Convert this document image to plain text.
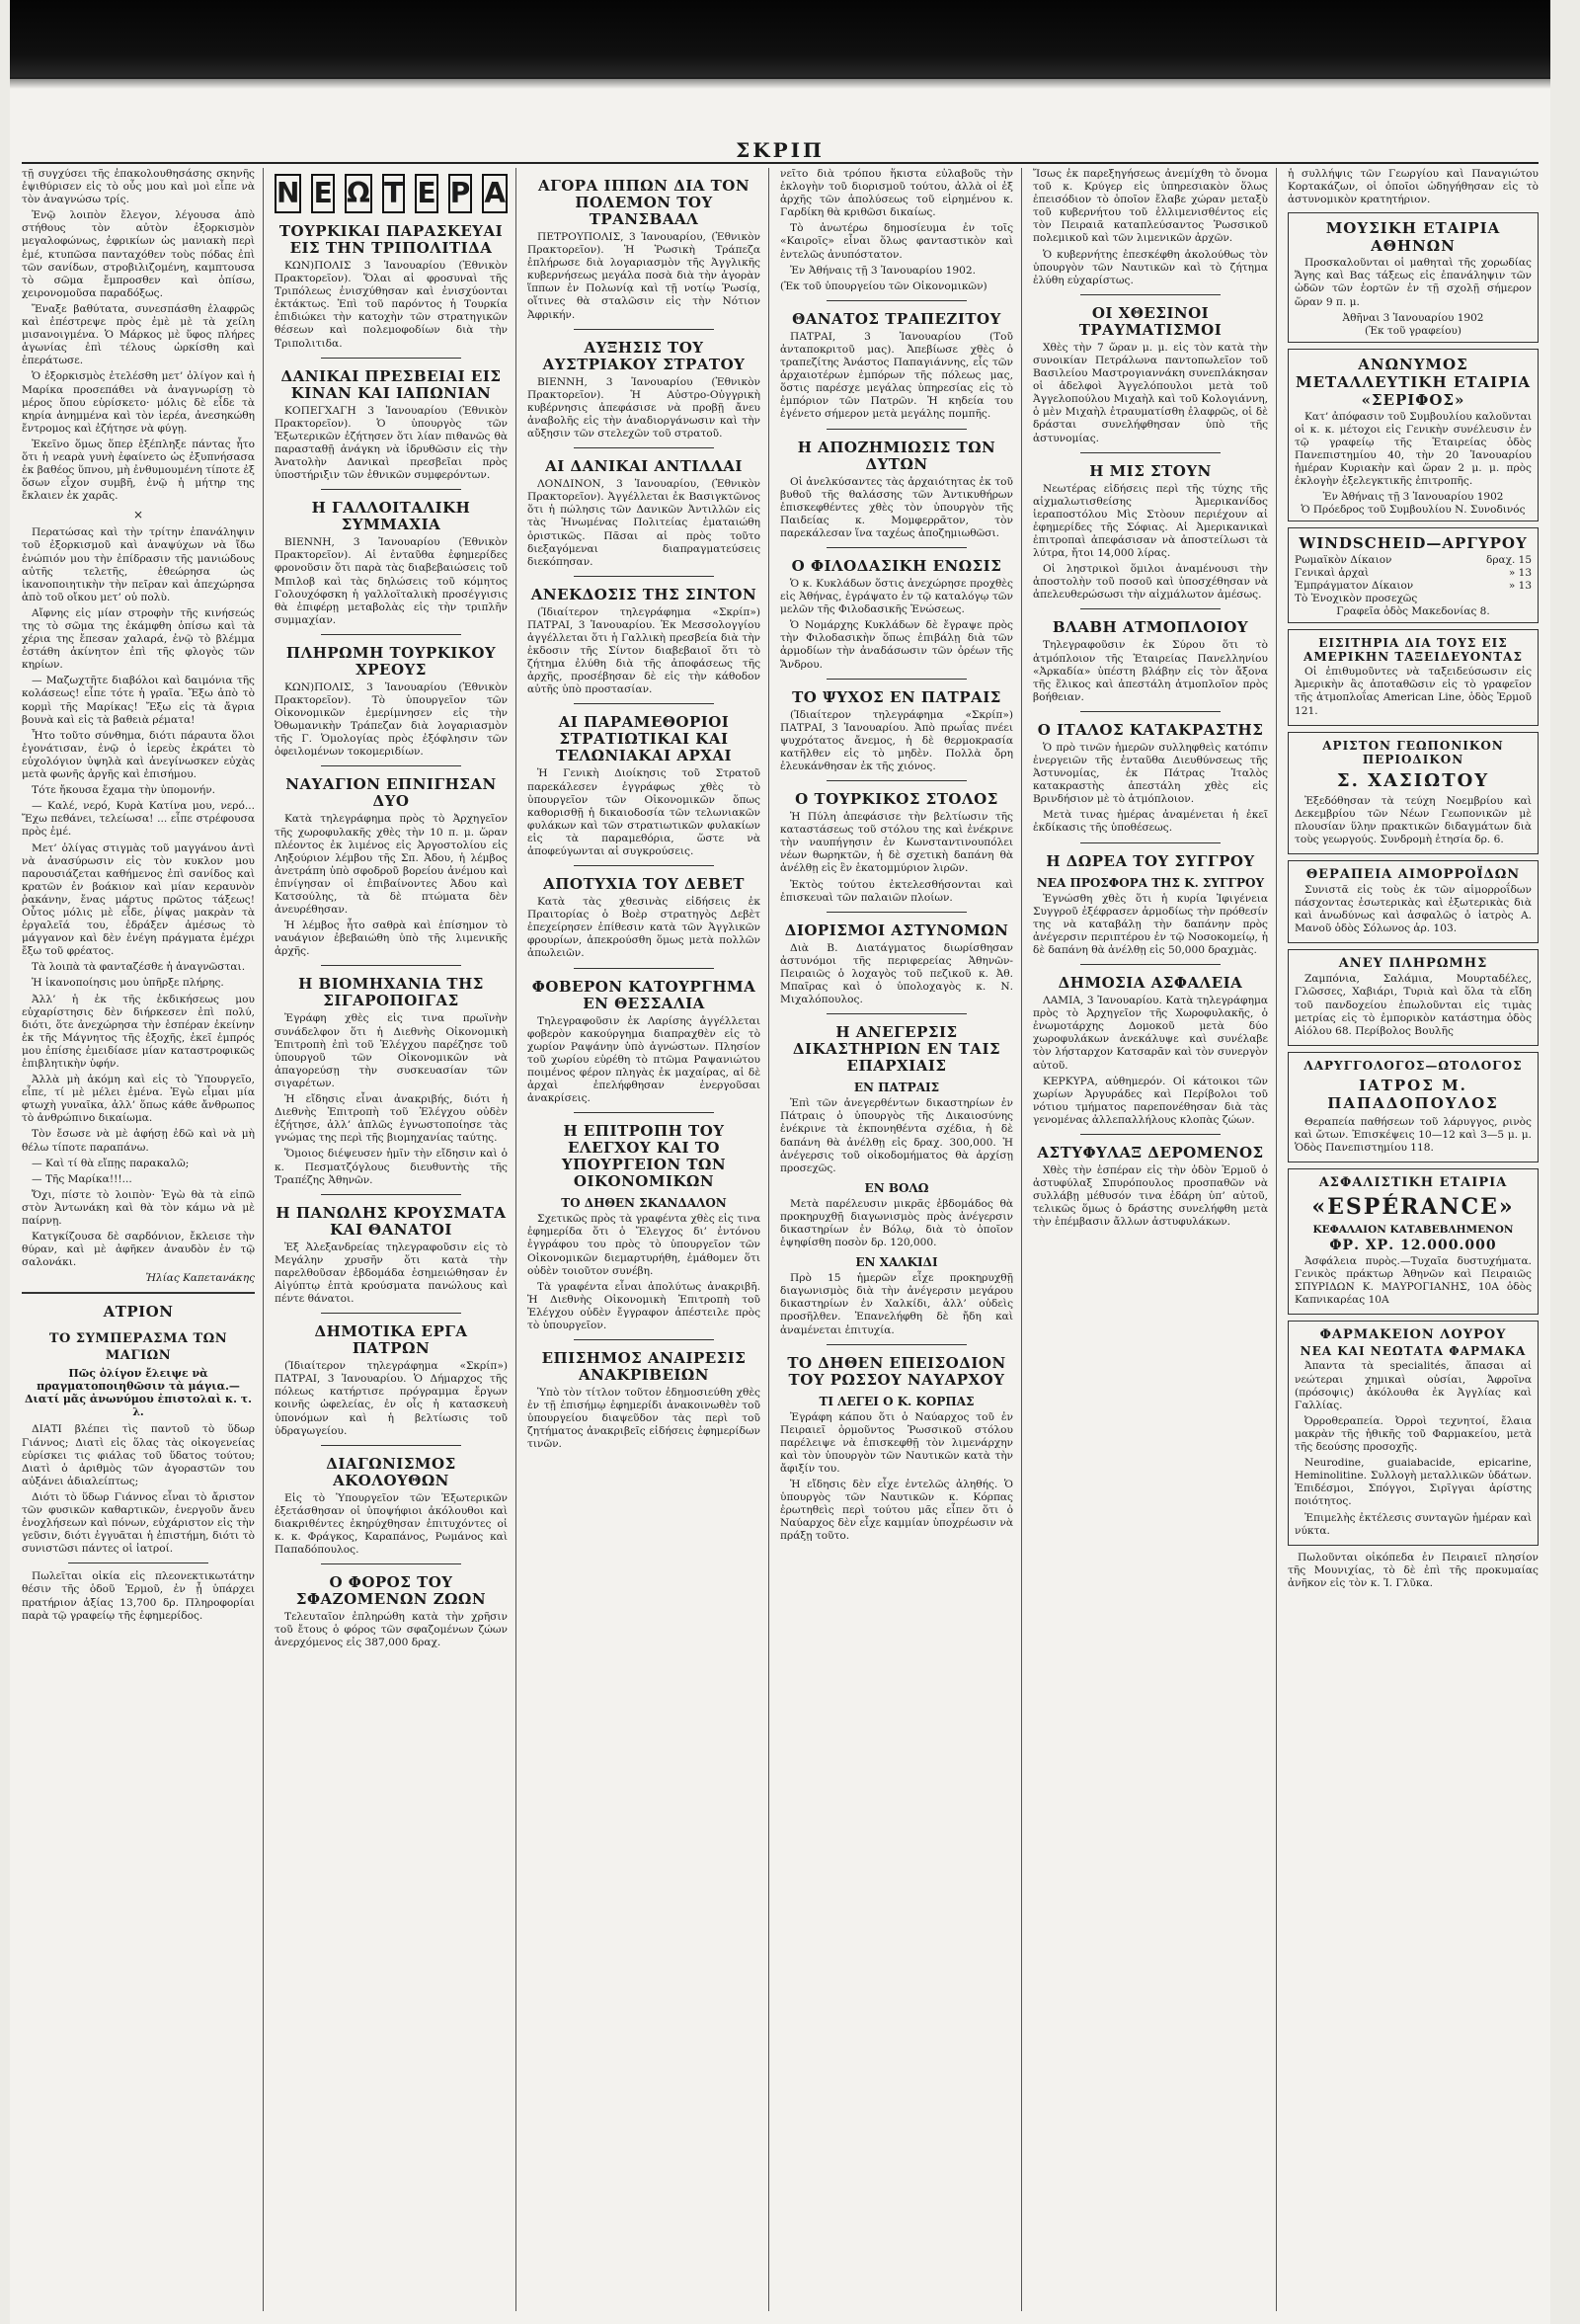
ΣΚΡΙΠ

τῇ συγχύσει τῆς ἐπακολουθησάσης σκηνῆς ἐψιθύρισεν εἰς τὸ οὖς μου καὶ μοὶ εἶπε νὰ τὸν ἀναγνώσω τρίς.

Ἐνῷ λοιπὸν ἔλεγον, λέγουσα ἀπὸ στήθους τὸν αὐτὸν ἐξορκισμὸν μεγαλοφώνως, ἐφρικίων ὡς μανιακὴ περὶ ἐμέ, κτυπῶσα πανταχόθεν τοὺς πόδας ἐπὶ τῶν σανίδων, στροβιλιζομένη, καμπτουσα τὸ σῶμα ἔμπροσθεν καὶ ὀπίσω, χειρονομοῦσα παραδόξως.

Ἔναξε βαθύτατα, συνεσπάσθη ἐλαφρῶς καὶ ἐπέστρεψε πρὸς ἐμὲ μὲ τὰ χείλη μισανοιγμένα. Ὁ Μάρκος μὲ ὕφος πλήρες ἀγωνίας ἐπὶ τέλους ὡρκίσθη καὶ ἐπεράτωσε.

Ὁ ἐξορκισμὸς ἐτελέσθη μετ’ ὀλίγον καὶ ἡ Μαρίκα προσεπάθει νὰ ἀναγνωρίσῃ τὸ μέρος ὅπου εὑρίσκετο· μόλις δὲ εἶδε τὰ κηρία ἀνημμένα καὶ τὸν ἱερέα, ἀνεσηκώθη ἔντρομος καὶ ἐζήτησε νὰ φύγῃ.

Ἐκεῖνο ὅμως ὅπερ ἐξέπληξε πάντας ἦτο ὅτι ἡ νεαρὰ γυνὴ ἐφαίνετο ὡς ἐξυπνήσασα ἐκ βαθέος ὕπνου, μὴ ἐνθυμουμένη τίποτε ἐξ ὅσων εἶχον συμβῆ, ἐνῷ ἡ μήτηρ της ἔκλαιεν ἐκ χαρᾶς.

×

Περατώσας καὶ τὴν τρίτην ἐπανάληψιν τοῦ ἐξορκισμοῦ καὶ ἀναψύχων νὰ ἴδω ἐνώπιόν μου τὴν ἐπίδρασιν τῆς μανιώδους αὐτῆς τελετῆς, ἐθεώρησα ὡς ἱκανοποιητικὴν τὴν πεῖραν καὶ ἀπεχώρησα ἀπὸ τοῦ οἴκου μετ’ οὐ πολὺ.

Αἴφνης εἰς μίαν στροφὴν τῆς κινήσεώς της τὸ σῶμα της ἐκάμφθη ὀπίσω καὶ τὰ χέρια της ἔπεσαν χαλαρά, ἐνῷ τὸ βλέμμα ἐστάθη ἀκίνητον ἐπὶ τῆς φλογὸς τῶν κηρίων.

— Μαζωχτῆτε διαβόλοι καὶ δαιμόνια τῆς κολάσεως! εἶπε τότε ἡ γραῖα. Ἔξω ἀπὸ τὸ κορμὶ τῆς Μαρίκας! Ἔξω εἰς τὰ ἄγρια βουνὰ καὶ εἰς τὰ βαθειὰ ρέματα!

Ἦτο τοῦτο σύνθημα, διότι πάραυτα ὅλοι ἐγονάτισαν, ἐνῷ ὁ ἱερεὺς ἐκράτει τὸ εὐχολόγιον ὑψηλὰ καὶ ἀνεγίνωσκεν εὐχὰς μετὰ φωνῆς ἀργῆς καὶ ἐπισήμου.

Τότε ἤκουσα ἔχαμα τὴν ὑπομονήν.

— Καλέ, νερό, Κυρὰ Κατίνα μου, νερό... Ἔχω πεθάνει, τελείωσα! ... εἶπε στρέφουσα πρὸς ἐμέ.

Μετ’ ὀλίγας στιγμὰς τοῦ μαγγάνου ἀντὶ νὰ ἀνασύρωσιν εἰς τὸν κυκλον μου παρουσιάζεται καθήμενος ἐπὶ σανίδος καὶ κρατῶν ἐν βοάκιον καὶ μίαν κεραυνὸν ῥακάνην, ἔνας μάρτυς πρῶτος τάξεως! Οὗτος μόλις μὲ εἶδε, ῥίψας μακρὰν τὰ ἐργαλεῖά του, ἐδράξεν ἀμέσως τὸ μάγγανον καὶ δὲν ἐνέγη πράγματα ἐμέχρι ἔξω τοῦ φρέατος.

Τὰ λοιπὰ τὰ φανταζέσθε ἡ ἀναγνῶσται.

Ἡ ἱκανοποίησις μου ὑπῆρξε πλήρης.

Ἀλλ’ ἡ ἐκ τῆς ἐκδικήσεως μου εὐχαρίστησις δὲν διήρκεσεν ἐπὶ πολύ, διότι, ὅτε ἀνεχώρησα τὴν ἑσπέραν ἐκείνην ἐκ τῆς Μάγνητος τῆς ἐξοχῆς, ἐκεῖ ἐμπρός μου ἐπίσης ἐμειδίασε μίαν καταστροφικῶς ἐπιβλητικὴν ὑφήν.

Ἀλλὰ μὴ ἀκόμη καὶ εἰς τὸ Ὑπουργεῖο, εἶπε, τί μὲ μέλει ἐμένα. Ἐγὼ εἶμαι μία φτωχὴ γυναῖκα, ἀλλ’ ὅπως κάθε ἄνθρωπος τὸ ἀνθρώπινο δικαίωμα.

Τὸν ἔσωσε νὰ μὲ ἀφήσῃ ἐδῶ καὶ νὰ μὴ θέλω τίποτε παραπάνω.

— Καὶ τί θὰ εἴπῃς παρακαλῶ;

— Τῆς Μαρίκα!!!...

Ὄχι, πίστε τὸ λοιπὸν· Ἐγὼ θὰ τὰ εἰπῶ στὸν Ἀντωνάκη καὶ θὰ τὸν κάμω νὰ μὲ παίρνῃ.

Κατγκίζουσα δὲ σαρδόνιον, ἔκλεισε τὴν θύραν, καὶ μὲ ἀφῆκεν ἀναυδὸν ἐν τῷ σαλονάκι.

Ἠλίας Καπετανάκης
ΑΤΡΙΟΝ
ΤΟ ΣΥΜΠΕΡΑΣΜΑ ΤΩΝ ΜΑΓΙΩΝ
Πῶς ὀλίγον ἔλειψε νὰ πραγματοποιηθῶσιν τὰ μάγια.—Διατί μᾶς ἀνωνύμου ἐπιστολαὶ κ. τ. λ.

ΔΙΑΤΙ βλέπει τὶς παντοῦ τὸ ὕδωρ Γιάννος; Διατὶ εἰς ὅλας τὰς οἰκογενείας εὑρίσκει τις φιάλας τοῦ ὕδατος τούτου; Διατὶ ὁ ἀριθμὸς τῶν ἀγοραστῶν του αὐξάνει ἀδιαλείπτως;

Διότι τὸ ὕδωρ Γιάννος εἶναι τὸ ἄριστον τῶν φυσικῶν καθαρτικῶν, ἐνεργοῦν ἄνευ ἐνοχλήσεων καὶ πόνων, εὐχάριστον εἰς τὴν γεῦσιν, διότι ἐγγυᾶται ἡ ἐπιστήμη, διότι τὸ συνιστῶσι πάντες οἱ ἰατροί.

Πωλεῖται οἰκία εἰς πλεονεκτικωτάτην θέσιν τῆς ὁδοῦ Ἑρμοῦ, ἐν ᾗ ὑπάρχει πρατήριον ἀξίας 13,700 δρ. Πληροφορίαι παρὰ τῷ γραφείῳ τῆς ἐφημερίδος.

Ν Ε Ω Τ Ε Ρ Α
ΤΟΥΡΚΙΚΑΙ ΠΑΡΑΣΚΕΥΑΙ ΕΙΣ ΤΗΝ ΤΡΙΠΟΛΙΤΙΔΑ

ΚΩΝ)ΠΟΛΙΣ 3 Ἰανουαρίου (Ἐθνικὸν Πρακτορεῖον). Ὅλαι αἱ φροσυναὶ τῆς Τριπόλεως ἐνισχύθησαν καὶ ἐνισχύονται ἐκτάκτως. Ἐπὶ τοῦ παρόντος ἡ Τουρκία ἐπιδιώκει τὴν κατοχὴν τῶν στρατηγικῶν θέσεων καὶ πολεμοφοδίων διὰ τὴν Τριπολιτιδα.

ΔΑΝΙΚΑΙ ΠΡΕΣΒΕΙΑΙ ΕΙΣ ΚΙΝΑΝ ΚΑΙ ΙΑΠΩΝΙΑΝ

ΚΟΠΕΓΧΑΓΗ 3 Ἰανουαρίου (Ἐθνικὸν Πρακτορεῖον). Ὁ ὑπουργὸς τῶν Ἐξωτερικῶν ἐζήτησεν ὅτι λίαν πιθανῶς θὰ παρασταθῇ ἀνάγκη νὰ ἱδρυθῶσιν εἰς τὴν Ἀνατολὴν Δανικαὶ πρεσβεῖαι πρὸς ὑποστήριξιν τῶν ἐθνικῶν συμφερόντων.

Η ΓΑΛΛΟΙΤΑΛΙΚΗ ΣΥΜΜΑΧΙΑ

ΒΙΕΝΝΗ, 3 Ἰανουαρίου (Ἐθνικὸν Πρακτορεῖον). Αἱ ἐνταῦθα ἐφημερίδες φρονοῦσιν ὅτι παρὰ τὰς διαβεβαιώσεις τοῦ Μπιλοβ καὶ τὰς δηλώσεις τοῦ κόμητος Γολουχόφσκη ἡ γαλλοϊταλικὴ προσέγγισις θὰ ἐπιφέρῃ μεταβολὰς εἰς τὴν τριπλῆν συμμαχίαν.

ΠΛΗΡΩΜΗ ΤΟΥΡΚΙΚΟΥ ΧΡΕΟΥΣ

ΚΩΝ)ΠΟΛΙΣ, 3 Ἰανουαρίου (Ἐθνικὸν Πρακτορεῖον). Τὸ ὑπουργεῖον τῶν Οἰκονομικῶν ἐμερίμνησεν εἰς τὴν Ὀθωμανικὴν Τράπεζαν διὰ λογαριασμὸν τῆς Γ. Ὁμολογίας πρὸς ἐξόφλησιν τῶν ὀφειλομένων τοκομεριδίων.

ΝΑΥΑΓΙΟΝ ΕΠΝΙΓΗΣΑΝ ΔΥΟ

Κατὰ τηλεγράφημα πρὸς τὸ Ἀρχηγεῖον τῆς χωροφυλακῆς χθὲς τὴν 10 π. μ. ὥραν πλέοντος ἐκ λιμένος εἰς Ἀργοστολίου εἰς Ληξούριον λέμβου τῆς Σπ. Ἀδου, ἡ λέμβος ἀνετράπη ὑπὸ σφοδροῦ βορείου ἀνέμου καὶ ἐπνίγησαν οἱ ἐπιβαίνοντες Ἀδου καὶ Κατσούλης, τὰ δὲ πτώματα δὲν ἀνευρέθησαν.

Ἡ λέμβος ἦτο σαθρὰ καὶ ἐπίσημον τὸ ναυάγιον ἐβεβαιώθη ὑπὸ τῆς λιμενικῆς ἀρχῆς.

Η ΒΙΟΜΗΧΑΝΙΑ ΤΗΣ ΣΙΓΑΡΟΠΟΙΓΑΣ

Ἐγράφη χθὲς εἰς τινα πρωϊνὴν συνάδελφον ὅτι ἡ Διεθνὴς Οἰκονομικὴ Ἐπιτροπὴ ἐπὶ τοῦ Ἐλέγχου παρέζησε τοῦ ὑπουργοῦ τῶν Οἰκονομικῶν νὰ ἀπαγορεύσῃ τὴν συσκευασίαν τῶν σιγαρέτων.

Ἡ εἴδησις εἶναι ἀνακριβής, διότι ἡ Διεθνὴς Ἐπιτροπὴ τοῦ Ἐλέγχου οὐδὲν ἐζήτησε, ἀλλ’ ἀπλῶς ἐγνωστοποίησε τὰς γνώμας της περὶ τῆς βιομηχανίας ταύτης.

Ὅμοιος διέψευσεν ἡμῖν τὴν εἴδησιν καὶ ὁ κ. Πεσματζόγλους διευθυντὴς τῆς Τραπέζης Ἀθηνῶν.

Η ΠΑΝΩΛΗΣ ΚΡΟΥΣΜΑΤΑ ΚΑΙ ΘΑΝΑΤΟΙ

Ἐξ Ἀλεξανδρείας τηλεγραφοῦσιν εἰς τὸ Μεγάλην χρυσῆν ὅτι κατὰ τὴν παρελθοῦσαν ἑβδομάδα ἐσημειώθησαν ἐν Αἰγύπτῳ ἑπτὰ κρούσματα πανώλους καὶ πέντε θάνατοι.

ΔΗΜΟΤΙΚΑ ΕΡΓΑ ΠΑΤΡΩΝ

(Ἰδιαίτερον τηλεγράφημα «Σκρίπ») ΠΑΤΡΑΙ, 3 Ἰανουαρίου. Ὁ Δήμαρχος τῆς πόλεως κατήρτισε πρόγραμμα ἔργων κοινῆς ὠφελείας, ἐν οἷς ἡ κατασκευὴ ὑπονόμων καὶ ἡ βελτίωσις τοῦ ὑδραγωγείου.

ΔΙΑΓΩΝΙΣΜΟΣ ΑΚΟΛΟΥΘΩΝ

Εἰς τὸ Ὑπουργεῖον τῶν Ἐξωτερικῶν ἐξετάσθησαν οἱ ὑποψήφιοι ἀκόλουθοι καὶ διακριθέντες ἐκηρύχθησαν ἐπιτυχόντες οἱ κ. κ. Φράγκος, Καραπάνος, Ρωμάνος καὶ Παπαδόπουλος.

Ο ΦΟΡΟΣ ΤΟΥ ΣΦΑΖΟΜΕΝΩΝ ΖΩΩΝ

Τελευταῖον ἐπληρώθη κατὰ τὴν χρῆσιν τοῦ ἔτους ὁ φόρος τῶν σφαζομένων ζώων ἀνερχόμενος εἰς 387,000 δραχ.

ΑΓΟΡΑ ΙΠΠΩΝ ΔΙΑ ΤΟΝ ΠΟΛΕΜΟΝ ΤΟΥ ΤΡΑΝΣΒΑΑΛ

ΠΕΤΡΟΥΠΟΛΙΣ, 3 Ἰανουαρίου, (Ἐθνικὸν Πρακτορεῖον). Ἡ Ῥωσικὴ Τράπεζα ἐπλήρωσε διὰ λογαριασμὸν τῆς Ἀγγλικῆς κυβερνήσεως μεγάλα ποσὰ διὰ τὴν ἀγορὰν ἵππων ἐν Πολωνίᾳ καὶ τῇ νοτίῳ Ῥωσίᾳ, οἵτινες θὰ σταλῶσιν εἰς τὴν Νότιον Ἀφρικήν.

ΑΥΞΗΣΙΣ ΤΟΥ ΑΥΣΤΡΙΑΚΟΥ ΣΤΡΑΤΟΥ

ΒΙΕΝΝΗ, 3 Ἰανουαρίου (Ἐθνικὸν Πρακτορεῖον). Ἡ Αὐστρο-Οὐγγρικὴ κυβέρνησις ἀπεφάσισε νὰ προβῇ ἄνευ ἀναβολῆς εἰς τὴν ἀναδιοργάνωσιν καὶ τὴν αὔξησιν τῶν στελεχῶν τοῦ στρατοῦ.

ΑΙ ΔΑΝΙΚΑΙ ΑΝΤΙΛΛΑΙ

ΛΟΝΔΙΝΟΝ, 3 Ἰανουαρίου, (Ἐθνικὸν Πρακτορεῖον). Ἀγγέλλεται ἐκ Βασιγκτῶνος ὅτι ἡ πώλησις τῶν Δανικῶν Ἀντιλλῶν εἰς τὰς Ἡνωμένας Πολιτείας ἐματαιώθη ὁριστικῶς. Πᾶσαι αἱ πρὸς τοῦτο διεξαγόμεναι διαπραγματεύσεις διεκόπησαν.

ΑΝΕΚΔΟΣΙΣ ΤΗΣ ΣΙΝΤΟΝ

(Ἰδιαίτερον τηλεγράφημα «Σκρίπ») ΠΑΤΡΑΙ, 3 Ἰανουαρίου. Ἐκ Μεσσολογγίου ἀγγέλλεται ὅτι ἡ Γαλλικὴ πρεσβεία διὰ τὴν ἐκδοσιν τῆς Σίντον διαβεβαιοῖ ὅτι τὸ ζήτημα ἐλύθη διὰ τῆς ἀποφάσεως τῆς ἀρχῆς, προσέβησαν δὲ εἰς τὴν κάθοδον αὐτῆς ὑπὸ προστασίαν.

ΑΙ ΠΑΡΑΜΕΘΟΡΙΟΙ ΣΤΡΑΤΙΩΤΙΚΑΙ ΚΑΙ ΤΕΛΩΝΙΑΚΑΙ ΑΡΧΑΙ

Ἡ Γενικὴ Διοίκησις τοῦ Στρατοῦ παρεκάλεσεν ἐγγράφως χθὲς τὸ ὑπουργεῖον τῶν Οἰκονομικῶν ὅπως καθορισθῇ ἡ δικαιοδοσία τῶν τελωνιακῶν φυλάκων καὶ τῶν στρατιωτικῶν φυλακίων εἰς τὰ παραμεθόρια, ὥστε νὰ ἀποφεύγωνται αἱ συγκρούσεις.

ΑΠΟΤΥΧΙΑ ΤΟΥ ΔΕΒΕΤ

Κατὰ τὰς χθεσινὰς εἰδήσεις ἐκ Πραιτορίας ὁ Βοὲρ στρατηγὸς Δεβὲτ ἐπεχείρησεν ἐπίθεσιν κατὰ τῶν Ἀγγλικῶν φρουρίων, ἀπεκρούσθη ὅμως μετὰ πολλῶν ἀπωλειῶν.

ΦΟΒΕΡΟΝ ΚΑΤΟΥΡΓΗΜΑ ΕΝ ΘΕΣΣΑΛΙΑ

Τηλεγραφοῦσιν ἐκ Λαρίσης ἀγγέλλεται φοβερὸν κακούργημα διαπραχθὲν εἰς τὸ χωρίον Ραψάνην ὑπὸ ἀγνώστων. Πλησίον τοῦ χωρίου εὑρέθη τὸ πτῶμα Ραψανιώτου ποιμένος φέρον πληγὰς ἐκ μαχαίρας, αἱ δὲ ἀρχαὶ ἐπελήφθησαν ἐνεργοῦσαι ἀνακρίσεις.

Η ΕΠΙΤΡΟΠΗ ΤΟΥ ΕΛΕΓΧΟΥ ΚΑΙ ΤΟ ΥΠΟΥΡΓΕΙΟΝ ΤΩΝ ΟΙΚΟΝΟΜΙΚΩΝ
ΤΟ ΔΗΘΕΝ ΣΚΑΝΔΑΛΟΝ

Σχετικῶς πρὸς τὰ γραφέντα χθὲς εἰς τινα ἐφημερίδα ὅτι ὁ Ἔλεγχος δι’ ἐντόνου ἐγγράφου του πρὸς τὸ ὑπουργεῖον τῶν Οἰκονομικῶν διεμαρτυρήθη, ἐμάθομεν ὅτι οὐδὲν τοιοῦτον συνέβη.

Τὰ γραφέντα εἶναι ἀπολύτως ἀνακριβῆ. Ἡ Διεθνὴς Οἰκονομικὴ Ἐπιτροπὴ τοῦ Ἐλέγχου οὐδὲν ἔγγραφον ἀπέστειλε πρὸς τὸ ὑπουργεῖον.

ΕΠΙΣΗΜΟΣ ΑΝΑΙΡΕΣΙΣ ΑΝΑΚΡΙΒΕΙΩΝ

Ὑπὸ τὸν τίτλον τοῦτον ἐδημοσιεύθη χθὲς ἐν τῇ ἐπισήμῳ ἐφημερίδι ἀνακοινωθὲν τοῦ ὑπουργείου διαψεῦδον τὰς περὶ τοῦ ζητήματος ἀνακριβεῖς εἰδήσεις ἐφημερίδων τινῶν.

νεῖτο διὰ τρόπου ἥκιστα εὐλαβοῦς τὴν ἐκλογὴν τοῦ διορισμοῦ τούτου, ἀλλὰ οἱ ἐξ ἀρχῆς τῶν ἀπολύσεως τοῦ εἰρημένου κ. Γαρδίκη θὰ κριθῶσι δικαίως.

Τὸ ἀνωτέρω δημοσίευμα ἐν τοῖς «Καιροῖς» εἶναι ὅλως φανταστικὸν καὶ ἐντελῶς ἀνυπόστατον.

Ἐν Ἀθήναις τῇ 3 Ἰανουαρίου 1902.

(Ἐκ τοῦ ὑπουργείου τῶν Οἰκονομικῶν)

ΘΑΝΑΤΟΣ ΤΡΑΠΕΖΙΤΟΥ

ΠΑΤΡΑΙ, 3 Ἰανουαρίου (Τοῦ ἀνταποκριτοῦ μας). Ἀπεβίωσε χθὲς ὁ τραπεζίτης Ἀνάστος Παπαγιάννης, εἷς τῶν ἀρχαιοτέρων ἐμπόρων τῆς πόλεως μας, ὅστις παρέσχε μεγάλας ὑπηρεσίας εἰς τὸ ἐμπόριον τῶν Πατρῶν. Ἡ κηδεία του ἐγένετο σήμερον μετὰ μεγάλης πομπῆς.

Η ΑΠΟΖΗΜΙΩΣΙΣ ΤΩΝ ΔΥΤΩΝ

Οἱ ἀνελκύσαντες τὰς ἀρχαιότητας ἐκ τοῦ βυθοῦ τῆς θαλάσσης τῶν Ἀντικυθήρων ἐπισκεφθέντες χθὲς τὸν ὑπουργὸν τῆς Παιδείας κ. Μομφερρᾶτον, τὸν παρεκάλεσαν ἵνα ταχέως ἀποζημιωθῶσι.

Ο ΦΙΛΟΔΑΣΙΚΗ ΕΝΩΣΙΣ

Ὁ κ. Κυκλάδων ὅστις ἀνεχώρησε προχθὲς εἰς Ἀθήνας, ἐγράψατο ἐν τῷ καταλόγῳ τῶν μελῶν τῆς Φιλοδασικῆς Ἑνώσεως.

Ὁ Νομάρχης Κυκλάδων δὲ ἔγραψε πρὸς τὴν Φιλοδασικὴν ὅπως ἐπιβάλῃ διὰ τῶν ἁρμοδίων τὴν ἀναδάσωσιν τῶν ὀρέων τῆς Ἄνδρου.

ΤΟ ΨΥΧΟΣ ΕΝ ΠΑΤΡΑΙΣ

(Ἰδιαίτερον τηλεγράφημα «Σκρίπ») ΠΑΤΡΑΙ, 3 Ἰανουαρίου. Ἀπὸ πρωΐας πνέει ψυχρότατος ἄνεμος, ἡ δὲ θερμοκρασία κατῆλθεν εἰς τὸ μηδὲν. Πολλὰ ὄρη ἐλευκάνθησαν ἐκ τῆς χιόνος.

Ο ΤΟΥΡΚΙΚΟΣ ΣΤΟΛΟΣ

Ἡ Πύλη ἀπεφάσισε τὴν βελτίωσιν τῆς καταστάσεως τοῦ στόλου της καὶ ἐνέκρινε τὴν ναυπήγησιν ἐν Κωνσταντινουπόλει νέων θωρηκτῶν, ἡ δὲ σχετικὴ δαπάνη θὰ ἀνέλθῃ εἰς ἓν ἑκατομμύριον λιρῶν.

Ἐκτὸς τούτου ἐκτελεσθήσονται καὶ ἐπισκευαὶ τῶν παλαιῶν πλοίων.

ΔΙΟΡΙΣΜΟΙ ΑΣΤΥΝΟΜΩΝ

Διὰ Β. Διατάγματος διωρίσθησαν ἀστυνόμοι τῆς περιφερείας Ἀθηνῶν-Πειραιῶς ὁ λοχαγὸς τοῦ πεζικοῦ κ. Ἀθ. Μπαῖρας καὶ ὁ ὑπολοχαγὸς κ. Ν. Μιχαλόπουλος.

Η ΑΝΕΓΕΡΣΙΣ ΔΙΚΑΣΤΗΡΙΩΝ ΕΝ ΤΑΙΣ ΕΠΑΡΧΙΑΙΣ
ΕΝ ΠΑΤΡΑΙΣ

Ἐπὶ τῶν ἀνεγερθέντων δικαστηρίων ἐν Πάτραις ὁ ὑπουργὸς τῆς Δικαιοσύνης ἐνέκρινε τὰ ἐκπονηθέντα σχέδια, ἡ δὲ δαπάνη θὰ ἀνέλθῃ εἰς δραχ. 300,000. Ἡ ἀνέγερσις τοῦ οἰκοδομήματος θὰ ἀρχίσῃ προσεχῶς.

ΕΝ ΒΟΛΩ

Μετὰ παρέλευσιν μικρᾶς ἑβδομάδος θὰ προκηρυχθῇ διαγωνισμὸς πρὸς ἀνέγερσιν δικαστηρίων ἐν Βόλῳ, διὰ τὸ ὁποῖον ἐψηφίσθη ποσὸν δρ. 120,000.

ΕΝ ΧΑΛΚΙΔΙ

Πρὸ 15 ἡμερῶν εἶχε προκηρυχθῇ διαγωνισμὸς διὰ τὴν ἀνέγερσιν μεγάρου δικαστηρίων ἐν Χαλκίδι, ἀλλ’ οὐδεὶς προσῆλθεν. Ἐπανελήφθη δὲ ἤδη καὶ ἀναμένεται ἐπιτυχία.

ΤΟ ΔΗΘΕΝ ΕΠΕΙΣΟΔΙΟΝ ΤΟΥ ΡΩΣΣΟΥ ΝΑΥΑΡΧΟΥ
ΤΙ ΛΕΓΕΙ Ο Κ. ΚΟΡΠΑΣ

Ἐγράφη κάπου ὅτι ὁ Ναύαρχος τοῦ ἐν Πειραιεῖ ὁρμοῦντος Ῥωσσικοῦ στόλου παρέλειψε νὰ ἐπισκεφθῇ τὸν λιμενάρχην καὶ τὸν ὑπουργὸν τῶν Ναυτικῶν κατὰ τὴν ἄφιξίν του.

Ἡ εἴδησις δὲν εἶχε ἐντελῶς ἀληθής. Ὁ ὑπουργὸς τῶν Ναυτικῶν κ. Κόρπας ἐρωτηθεὶς περὶ τούτου μᾶς εἶπεν ὅτι ὁ Ναύαρχος δὲν εἶχε καμμίαν ὑποχρέωσιν νὰ πράξῃ τοῦτο.

Ἴσως ἐκ παρεξηγήσεως ἀνεμίχθη τὸ ὄνομα τοῦ κ. Κρύγερ εἰς ὑπηρεσιακὸν ὅλως ἐπεισόδιον τὸ ὁποῖον ἔλαβε χώραν μεταξὺ τοῦ κυβερνήτου τοῦ ἐλλιμενισθέντος εἰς τὸν Πειραιᾶ καταπλεύσαντος Ῥωσσικοῦ πολεμικοῦ καὶ τῶν λιμενικῶν ἀρχῶν.

Ὁ κυβερνήτης ἐπεσκέφθη ἀκολούθως τὸν ὑπουργὸν τῶν Ναυτικῶν καὶ τὸ ζήτημα ἐλύθη εὐχαρίστως.

ΟΙ ΧΘΕΣΙΝΟΙ ΤΡΑΥΜΑΤΙΣΜΟΙ

Χθὲς τὴν 7 ὥραν μ. μ. εἰς τὸν κατὰ τὴν συνοικίαν Πετράλωνα παντοπωλεῖον τοῦ Βασιλείου Μαστρογιαννάκη συνεπλάκησαν οἱ ἀδελφοὶ Ἀγγελόπουλοι μετὰ τοῦ Ἀγγελοπούλου Μιχαὴλ καὶ τοῦ Κολογιάννη, ὁ μὲν Μιχαὴλ ἐτραυματίσθη ἐλαφρῶς, οἱ δὲ δράσται συνελήφθησαν ὑπὸ τῆς ἀστυνομίας.

Η ΜΙΣ ΣΤΟΥΝ

Νεωτέρας εἰδήσεις περὶ τῆς τύχης τῆς αἰχμαλωτισθείσης Ἀμερικανίδος ἱεραποστόλου Μὶς Στὸουν περιέχουν αἱ ἐφημερίδες τῆς Σόφιας. Αἱ Ἀμερικανικαὶ ἐπιτροπαὶ ἀπεφάσισαν νὰ ἀποστείλωσι τὰ λύτρα, ἤτοι 14,000 λίρας.

Οἱ ληστρικοὶ ὅμιλοι ἀναμένουσι τὴν ἀποστολὴν τοῦ ποσοῦ καὶ ὑποσχέθησαν νὰ ἀπελευθερώσωσι τὴν αἰχμάλωτον ἀμέσως.

ΒΛΑΒΗ ΑΤΜΟΠΛΟΙΟΥ

Τηλεγραφοῦσιν ἐκ Σύρου ὅτι τὸ ἀτμόπλοιον τῆς Ἑταιρείας Πανελληνίου «Ἀρκαδία» ὑπέστη βλάβην εἰς τὸν ἄξονα τῆς ἕλικος καὶ ἀπεστάλη ἀτμοπλοῖον πρὸς βοήθειαν.

Ο ΙΤΑΛΟΣ ΚΑΤΑΚΡΑΣΤΗΣ

Ὁ πρὸ τινῶν ἡμερῶν συλληφθεὶς κατόπιν ἐνεργειῶν τῆς ἐνταῦθα Διευθύνσεως τῆς Ἀστυνομίας, ἐκ Πάτρας Ἰταλὸς κατακραστὴς ἀπεστάλη χθὲς εἰς Βρινδήσιον μὲ τὸ ἀτμόπλοιον.

Μετὰ τινας ἡμέρας ἀναμένεται ἡ ἐκεῖ ἐκδίκασις τῆς ὑποθέσεως.

Η ΔΩΡΕΑ ΤΟΥ ΣΥΓΓΡΟΥ
ΝΕΑ ΠΡΟΣΦΟΡΑ ΤΗΣ Κ. ΣΥΓΓΡΟΥ

Ἐγνώσθη χθὲς ὅτι ἡ κυρία Ἰφιγένεια Συγγροῦ ἐξέφρασεν ἀρμοδίως τὴν πρόθεσίν της νὰ καταβάλῃ τὴν δαπάνην πρὸς ἀνέγερσιν περιπτέρου ἐν τῷ Νοσοκομείῳ, ἡ δὲ δαπάνη θὰ ἀνέλθῃ εἰς 50,000 δραχμὰς.

ΔΗΜΟΣΙΑ ΑΣΦΑΛΕΙΑ

ΛΑΜΙΑ, 3 Ἰανουαρίου. Κατὰ τηλεγράφημα πρὸς τὸ Ἀρχηγεῖον τῆς Χωροφυλακῆς, ὁ ἐνωμοτάρχης Δομοκοῦ μετὰ δύο χωροφυλάκων ἀνεκάλυψε καὶ συνέλαβε τὸν λήσταρχον Κατσαρᾶν καὶ τὸν συνεργὸν αὐτοῦ.

ΚΕΡΚΥΡΑ, αὐθημερόν. Οἱ κάτοικοι τῶν χωρίων Ἀργυράδες καὶ Περίβολοι τοῦ νότιου τμήματος παρεπονέθησαν διὰ τὰς γενομένας ἀλλεπαλλήλους κλοπὰς ζώων.

ΑΣΤΥΦΥΛΑΞ ΔΕΡΟΜΕΝΟΣ

Χθὲς τὴν ἑσπέραν εἰς τὴν ὁδὸν Ἑρμοῦ ὁ ἀστυφύλαξ Σπυρόπουλος προσπαθῶν νὰ συλλάβῃ μέθυσόν τινα ἐδάρη ὑπ’ αὐτοῦ, τελικῶς ὅμως ὁ δράστης συνελήφθη μετὰ τὴν ἐπέμβασιν ἄλλων ἀστυφυλάκων.

ἡ συλλήψις τῶν Γεωργίου καὶ Παναγιώτου Κορτακάζων, οἱ ὁποῖοι ὡδηγήθησαν εἰς τὸ ἀστυνομικὸν κρατητήριον.

ΜΟΥΣΙΚΗ ΕΤΑΙΡΙΑ ΑΘΗΝΩΝ

Προσκαλοῦνται οἱ μαθηταὶ τῆς χορωδίας Ἄγης καὶ Βας τάξεως εἰς ἐπανάληψιν τῶν ὠδῶν τῶν ἐορτῶν ἐν τῇ σχολῇ σήμερον ὥραν 9 π. μ.

Ἀθῆναι 3 Ἰανουαρίου 1902
(Ἐκ τοῦ γραφείου)
ΑΝΩΝΥΜΟΣ ΜΕΤΑΛΛΕΥΤΙΚΗ ΕΤΑΙΡΙΑ «ΣΕΡΙΦΟΣ»

Κατ’ ἀπόφασιν τοῦ Συμβουλίου καλοῦνται οἱ κ. κ. μέτοχοι εἰς Γενικὴν συνέλευσιν ἐν τῷ γραφείῳ τῆς Ἑταιρείας ὁδὸς Πανεπιστημίου 40, τὴν 20 Ἰανουαρίου ἡμέραν Κυριακὴν καὶ ὥραν 2 μ. μ. πρὸς ἐκλογὴν ἐξελεγκτικῆς ἐπιτροπῆς.

Ἐν Ἀθήναις τῇ 3 Ἰανουαρίου 1902
Ὁ Πρόεδρος τοῦ Συμβουλίου Ν. Συνοδινός
WINDSCHEID—ΑΡΓΥΡΟΥ
Ρωμαϊκὸν Δίκαιον	δραχ. 15
Γενικαὶ ἀρχαὶ	» 13
Ἐμπράγματον Δίκαιον	» 13
Τὸ Ἐνοχικὸν προσεχῶς
Γραφεῖα ὁδὸς Μακεδονίας 8.
ΕΙΣΙΤΗΡΙΑ ΔΙΑ ΤΟΥΣ ΕΙΣ ΑΜΕΡΙΚΗΝ ΤΑΞΕΙΔΕΥΟΝΤΑΣ

Οἱ ἐπιθυμοῦντες νὰ ταξειδεύσωσιν εἰς Ἀμερικὴν ἂς ἀποταθῶσιν εἰς τὸ γραφεῖον τῆς ἀτμοπλοΐας American Line, ὁδὸς Ἑρμοῦ 121.

ΑΡΙΣΤΟΝ ΓΕΩΠΟΝΙΚΟΝ ΠΕΡΙΟΔΙΚΟΝ
Σ. ΧΑΣΙΩΤΟΥ

Ἐξεδόθησαν τὰ τεύχη Νοεμβρίου καὶ Δεκεμβρίου τῶν Νέων Γεωπονικῶν μὲ πλουσίαν ὕλην πρακτικῶν διδαγμάτων διὰ τοὺς γεωργούς. Συνδρομὴ ἐτησία δρ. 6.

ΘΕΡΑΠΕΙΑ ΑΙΜΟΡΡΟΪΔΩΝ

Συνιστᾶ εἰς τοὺς ἐκ τῶν αἱμορροΐδων πάσχοντας ἐσωτερικὰς καὶ ἐξωτερικὰς διὰ καὶ ἀνωδύνως καὶ ἀσφαλῶς ὁ ἰατρὸς Α. Μανοῦ ὁδὸς Σόλωνος ἀρ. 103.

ΑΝΕΥ ΠΛΗΡΩΜΗΣ

Ζαμπόνια, Σαλάμια, Μουρταδέλες, Γλῶσσες, Χαβιάρι, Τυριὰ καὶ ὅλα τὰ εἴδη τοῦ πανδοχείου ἐπωλοῦνται εἰς τιμὰς μετρίας εἰς τὸ ἐμπορικὸν κατάστημα ὁδὸς Αἰόλου 68. Περίβολος Βουλῆς

ΛΑΡΥΓΓΟΛΟΓΟΣ—ΩΤΟΛΟΓΟΣ
ΙΑΤΡΟΣ Μ. ΠΑΠΑΔΟΠΟΥΛΟΣ

Θεραπεία παθήσεων τοῦ λάρυγγος, ρινὸς καὶ ὤτων. Ἐπισκέψεις 10—12 καὶ 3—5 μ. μ. Ὁδὸς Πανεπιστημίου 118.

ΑΣΦΑΛΙΣΤΙΚΗ ΕΤΑΙΡΙΑ
«ESPÉRANCE»
ΚΕΦΑΛΑΙΟΝ ΚΑΤΑΒΕΒΛΗΜΕΝΟΝ
ΦΡ. ΧΡ. 12.000.000

Ἀσφάλεια πυρὸς.—Τυχαῖα δυστυχήματα. Γενικὸς πράκτωρ Ἀθηνῶν καὶ Πειραιῶς ΣΠΥΡΙΔΩΝ Κ. ΜΑΥΡΟΓΙΑΝΗΣ, 10Α ὁδὸς Καπνικαρέας 10Α

ΦΑΡΜΑΚΕΙΟΝ ΛΟΥΡΟΥ
ΝΕΑ ΚΑΙ ΝΕΩΤΑΤΑ ΦΑΡΜΑΚΑ

Ἀπαντα τὰ specialités, ἅπασαι αἱ νεώτεραι χημικαὶ οὐσίαι, Ἀφροῖνα (πρόσοψις) ἀκόλουθα ἐκ Ἀγγλίας καὶ Γαλλίας.

Ὀρροθεραπεία. Ὀρροὶ τεχνητοί, ἔλαια μακρὰν τῆς ἡθικῆς τοῦ Φαρμακείου, μετὰ τῆς δεούσης προσοχῆς.

Neurodine, guaiabacide, epicarine, Heminolitine. Συλλογὴ μεταλλικῶν ὑδάτων. Ἐπιδέσμοι, Σπόγγοι, Σιρῖγγαι ἀρίστης ποιότητος.

Ἐπιμελὴς ἐκτέλεσις συνταγῶν ἡμέραν καὶ νύκτα.

Πωλοῦνται οἰκόπεδα ἐν Πειραιεῖ πλησίον τῆς Μουνιχίας, τὸ δὲ ἐπὶ τῆς προκυμαίας ἀνῆκον εἰς τὸν κ. Ἰ. Γλῦκα.
